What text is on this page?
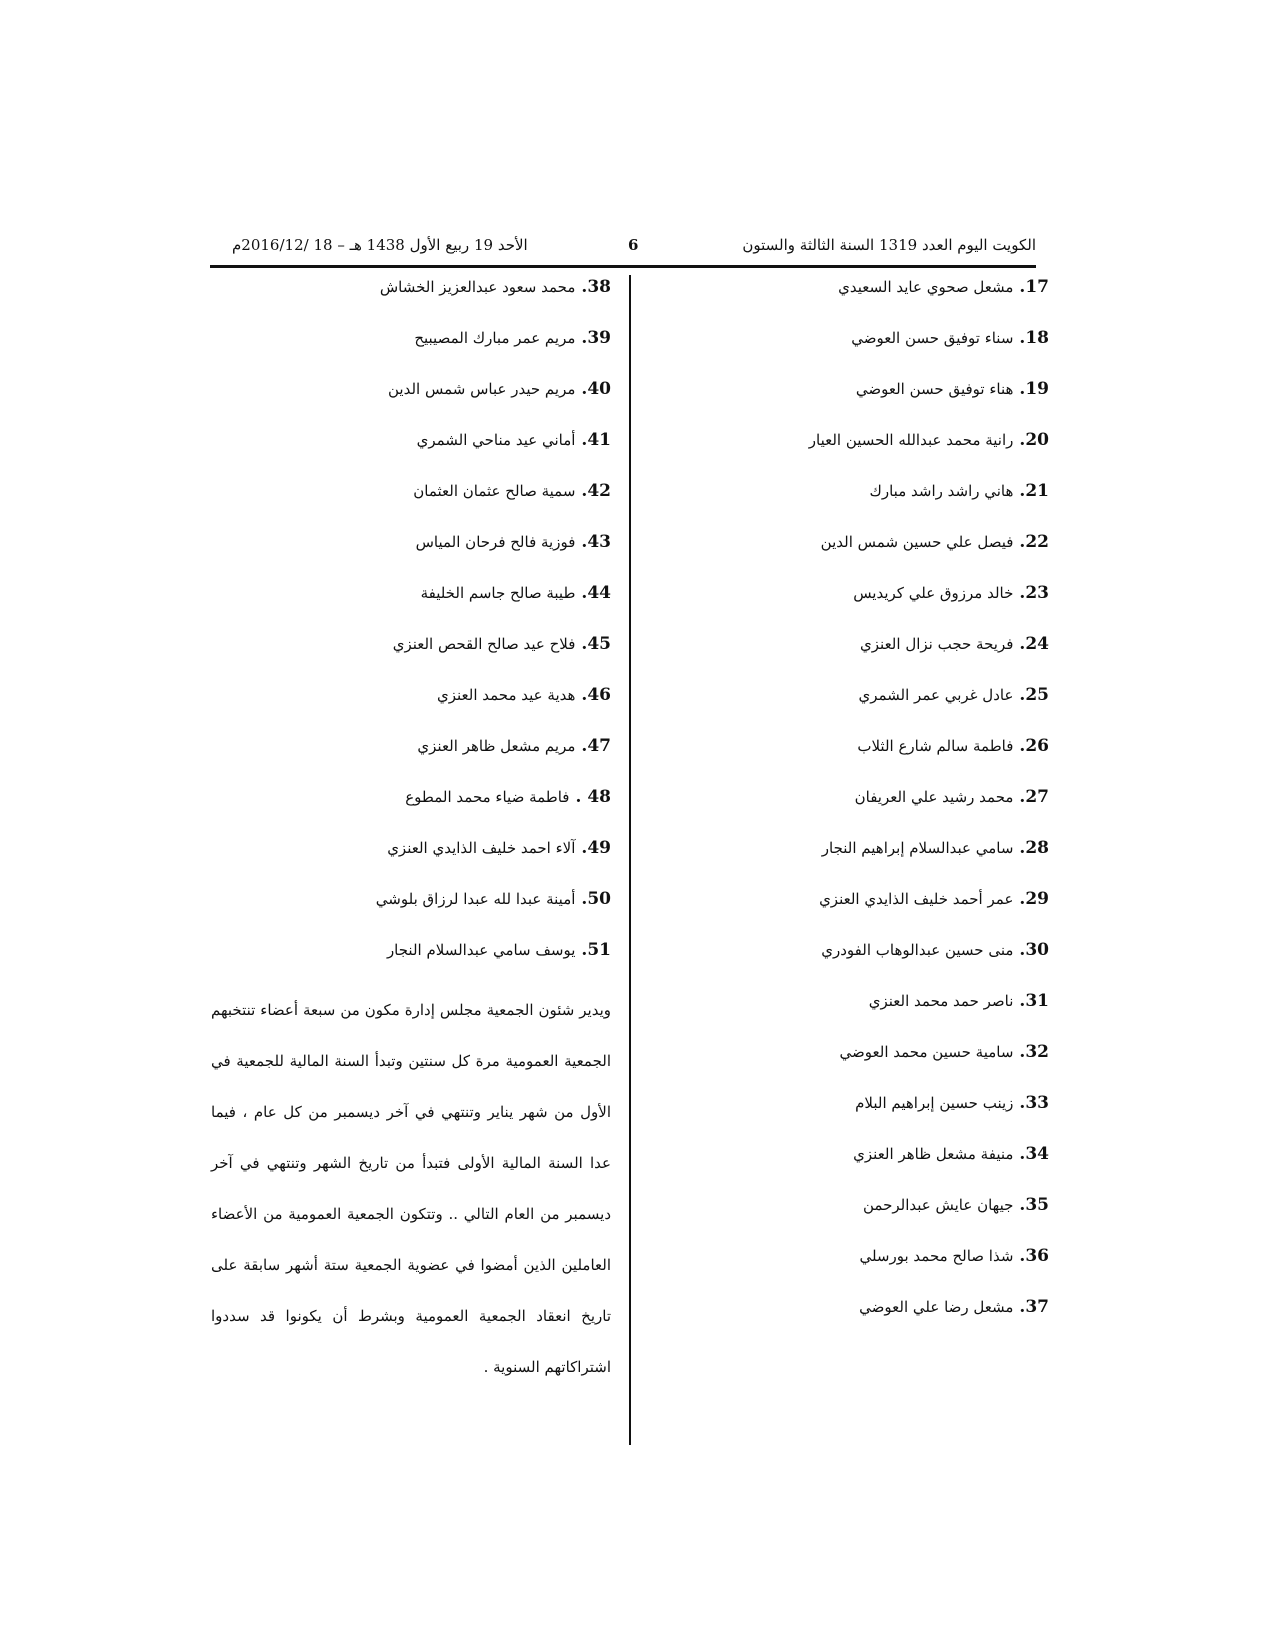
الكويت اليوم العدد 1319 السنة الثالثة والستون
6
الأحد 19 ربيع الأول 1438 هـ – 18 /2016/12م
17.مشعل صحوي عايد السعيدي
18.سناء توفيق حسن العوضي
19.هناء توفيق حسن العوضي
20.رانية محمد عبدالله الحسين العيار
21.هاني راشد راشد مبارك
22.فيصل علي حسين شمس الدين
23.خالد مرزوق علي كريديس
24.فريحة حجب نزال العنزي
25.عادل غربي عمر الشمري
26.فاطمة سالم شارع الثلاب
27.محمد رشيد علي العريفان
28.سامي عبدالسلام إبراهيم النجار
29.عمر أحمد خليف الذايدي العنزي
30.منى حسين عبدالوهاب الفودري
31.ناصر حمد محمد العنزي
32.سامية حسين محمد العوضي
33.زينب حسين إبراهيم البلام
34.منيفة مشعل ظاهر العنزي
35.جيهان عايش عبدالرحمن
36.شذا صالح محمد بورسلي
37.مشعل رضا علي العوضي
38.محمد سعود عبدالعزيز الخشاش
39.مريم عمر مبارك المصيبيح
40.مريم حيدر عباس شمس الدين
41.أماني عيد مناحي الشمري
42.سمية صالح عثمان العثمان
43.فوزية فالح فرحان المياس
44.طيبة صالح جاسم الخليفة
45.فلاح عيد صالح القحص العنزي
46.هدية عيد محمد العنزي
47.مريم مشعل ظاهر العنزي
48 .فاطمة ضياء محمد المطوع
49.آلاء احمد خليف الذايدي العنزي
50.أمينة عبدا لله عبدا لرزاق بلوشي
51.يوسف سامي عبدالسلام النجار

ويدير شئون الجمعية مجلس إدارة مكون من سبعة أعضاء تنتخبهم الجمعية العمومية مرة كل سنتين وتبدأ السنة المالية للجمعية في الأول من شهر يناير وتنتهي في آخر ديسمبر من كل عام ، فيما عدا السنة المالية الأولى فتبدأ من تاريخ الشهر وتنتهي في آخر ديسمبر من العام التالي .. وتتكون الجمعية العمومية من الأعضاء العاملين الذين أمضوا في عضوية الجمعية ستة أشهر سابقة على تاريخ انعقاد الجمعية العمومية وبشرط أن يكونوا قد سددوا اشتراكاتهم السنوية .
